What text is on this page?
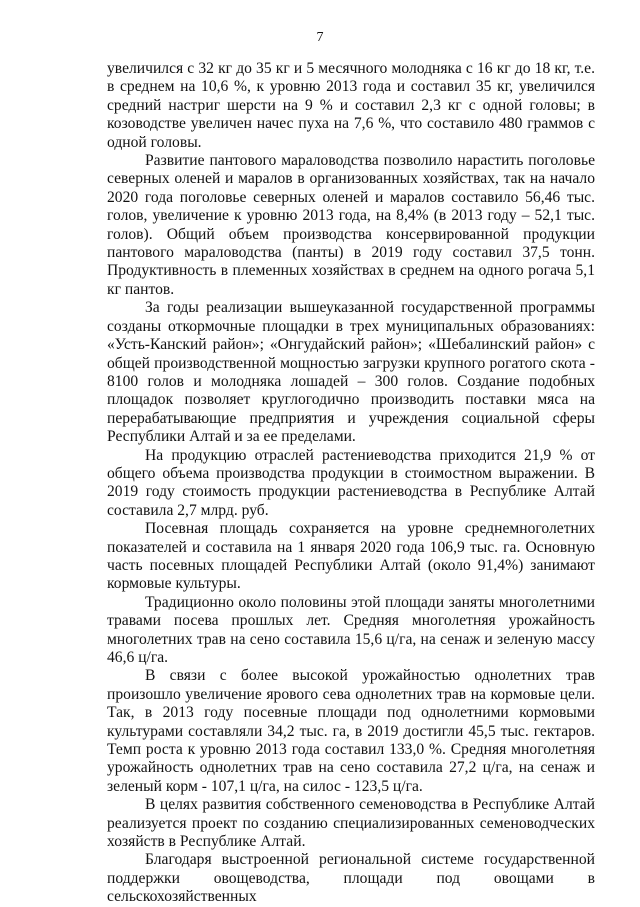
7

увеличился с 32 кг до 35 кг и 5 месячного молодняка с 16 кг до 18 кг, т.е. в среднем на 10,6 %, к уровню 2013 года и составил 35 кг, увеличился средний настриг шерсти на 9 % и составил 2,3 кг с одной головы; в козоводстве увеличен начес пуха на 7,6 %, что составило 480 граммов с одной головы.

Развитие пантового мараловодства позволило нарастить поголовье северных оленей и маралов в организованных хозяйствах, так на начало 2020 года поголовье северных оленей и маралов составило 56,46 тыс. голов, увеличение к уровню 2013 года, на 8,4% (в 2013 году – 52,1 тыс. голов). Общий объем производства консервированной продукции пантового мараловодства (панты) в 2019 году составил 37,5 тонн. Продуктивность в племенных хозяйствах в среднем на одного рогача 5,1 кг пантов.

За годы реализации вышеуказанной государственной программы созданы откормочные площадки в трех муниципальных образованиях: «Усть-Канский район»; «Онгудайский район»; «Шебалинский район» с общей производственной мощностью загрузки крупного рогатого скота - 8100 голов и молодняка лошадей – 300 голов. Создание подобных площадок позволяет круглогодично производить поставки мяса на перерабатывающие предприятия и учреждения социальной сферы Республики Алтай и за ее пределами.

На продукцию отраслей растениеводства приходится 21,9 % от общего объема производства продукции в стоимостном выражении. В 2019 году стоимость продукции растениеводства в Республике Алтай составила 2,7 млрд. руб.

Посевная площадь сохраняется на уровне среднемноголетних показателей и составила на 1 января 2020 года 106,9 тыс. га. Основную часть посевных площадей Республики Алтай (около 91,4%) занимают кормовые культуры.

Традиционно около половины этой площади заняты многолетними травами посева прошлых лет. Средняя многолетняя урожайность многолетних трав на сено составила 15,6 ц/га, на сенаж и зеленую массу 46,6 ц/га.

В связи с более высокой урожайностью однолетних трав произошло увеличение ярового сева однолетних трав на кормовые цели. Так, в 2013 году посевные площади под однолетними кормовыми культурами составляли 34,2 тыс. га, в 2019 достигли 45,5 тыс. гектаров. Темп роста к уровню 2013 года составил 133,0 %. Средняя многолетняя урожайность однолетних трав на сено составила 27,2 ц/га, на сенаж и зеленый корм - 107,1 ц/га, на силос - 123,5 ц/га.

В целях развития собственного семеноводства в Республике Алтай реализуется проект по созданию специализированных семеноводческих хозяйств в Республике Алтай.

Благодаря выстроенной региональной системе государственной поддержки овощеводства, площади под овощами в сельскохозяйственных
